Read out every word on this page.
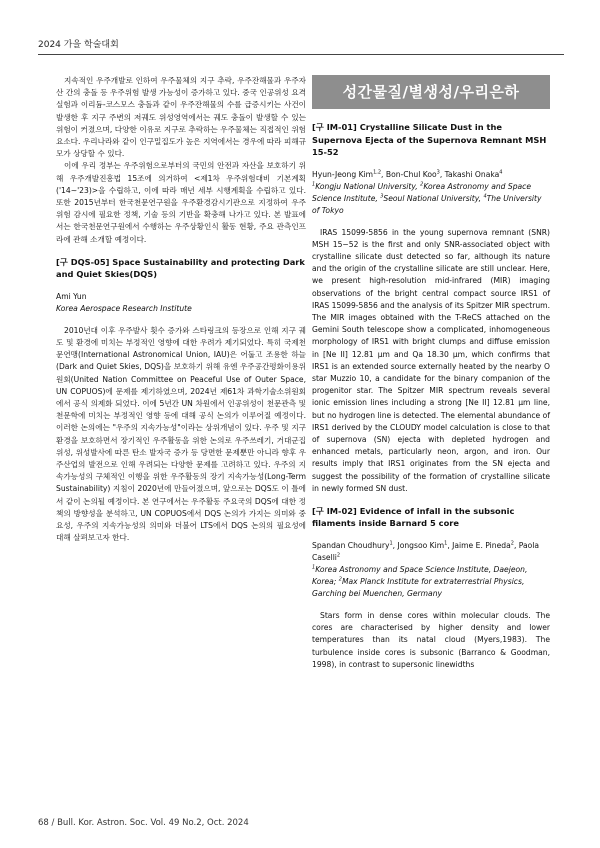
2024 가을 학술대회

지속적인 우주개발로 인하여 우주물체의 지구 추락, 우주잔해물과 우주자산 간의 충돌 등 우주위험 발생 가능성이 증가하고 있다. 중국 인공위성 요격실험과 이리듐-코스모스 충돌과 같이 우주잔해물의 수를 급증시키는 사건이 발생한 후 지구 주변의 저궤도 위성영역에서는 궤도 충돌이 발생할 수 있는 위험이 커졌으며, 다양한 이유로 지구로 추락하는 우주물체는 직접적인 위험요소다. 우리나라와 같이 인구밀집도가 높은 지역에서는 경우에 따라 피해규모가 상당할 수 있다.

이에 우리 정부는 우주위험으로부터의 국민의 안전과 자산을 보호하기 위해 우주개발진흥법 15조에 의거하여 <제1차 우주위험대비 기본계획('14~'23)>을 수립하고, 이에 따라 매년 세부 시행계획을 수립하고 있다. 또한 2015년부터 한국천문연구원을 우주환경감시기관으로 지정하여 우주위험 감시에 필요한 정책, 기술 등의 기반을 확충해 나가고 있다. 본 발표에서는 한국천문연구원에서 수행하는 우주상황인식 활동 현황, 주요 관측인프라에 관해 소개할 예정이다.

[구 DQS-05] Space Sustainability and protecting Dark and Quiet Skies(DQS)

Ami Yun

Korea Aerospace Research Institute

2010년대 이후 우주발사 횟수 증가와 스타링크의 등장으로 인해 지구 궤도 및 환경에 미치는 부정적인 영향에 대한 우려가 제기되었다. 특히 국제천문연맹(International Astronomical Union, IAU)은 어둡고 조용한 하늘(Dark and Quiet Skies, DQS)을 보호하기 위해 유엔 우주공간평화이용위원회(United Nation Committee on Peaceful Use of Outer Space, UN COPUOS)에 문제를 제기하였으며, 2024년 제61차 과학기술소위원회에서 공식 의제화 되었다. 이에 5년간 UN 차원에서 인공위성이 천문관측 및 천문학에 미치는 부정적인 영향 등에 대해 공식 논의가 이루어질 예정이다. 이러한 논의에는 "우주의 지속가능성"이라는 상위개념이 있다. 우주 및 지구환경을 보호하면서 장기적인 우주활동을 위한 논의로 우주쓰레기, 거대군집위성, 위성발사에 따른 탄소 발자국 증가 등 당면한 문제뿐만 아니라 향후 우주산업의 발전으로 인해 우려되는 다양한 문제를 고려하고 있다. 우주의 지속가능성의 구체적인 이행을 위한 우주활동의 장기 지속가능성(Long-Term Sustainability) 지침이 2020년에 만들어졌으며, 앞으로는 DQS도 이 틀에서 같이 논의될 예정이다. 본 연구에서는 우주활동 주요국의 DQS에 대한 정책의 방향성을 분석하고, UN COPUOS에서 DQS 논의가 가지는 의미와 중요성, 우주의 지속가능성의 의미와 더불어 LTS에서 DQS 논의의 필요성에 대해 살펴보고자 한다.

성간물질/별생성/우리은하

[구 IM-01] Crystalline Silicate Dust in the Supernova Ejecta of the Supernova Remnant MSH 15-52

Hyun-Jeong Kim$^{1,2}$, Bon-Chul Koo$^3$, Takashi Onaka$^4$

$^1$Kongju National University, $^2$Korea Astronomy and Space Science Institute, $^3$Seoul National University, $^4$The University of Tokyo

IRAS 15099-5856 in the young supernova remnant (SNR) MSH 15−52 is the first and only SNR-associated object with crystalline silicate dust detected so far, although its nature and the origin of the crystalline silicate are still unclear. Here, we present high-resolution mid-infrared (MIR) imaging observations of the bright central compact source IRS1 of IRAS 15099-5856 and the analysis of its Spitzer MIR spectrum. The MIR images obtained with the T-ReCS attached on the Gemini South telescope show a complicated, inhomogeneous morphology of IRS1 with bright clumps and diffuse emission in [Ne II] 12.81 μm and Qa 18.30 μm, which confirms that IRS1 is an extended source externally heated by the nearby O star Muzzio 10, a candidate for the binary companion of the progenitor star. The Spitzer MIR spectrum reveals several ionic emission lines including a strong [Ne II] 12.81 μm line, but no hydrogen line is detected. The elemental abundance of IRS1 derived by the CLOUDY model calculation is close to that of supernova (SN) ejecta with depleted hydrogen and enhanced metals, particularly neon, argon, and iron. Our results imply that IRS1 originates from the SN ejecta and suggest the possibility of the formation of crystalline silicate in newly formed SN dust.

[구 IM-02] Evidence of infall in the subsonic filaments inside Barnard 5 core

Spandan Choudhury$^1$, Jongsoo Kim$^1$, Jaime E. Pineda$^2$, Paola Caselli$^2$

$^1$Korea Astronomy and Space Science Institute, Daejeon, Korea; $^2$Max Planck Institute for extraterrestrial Physics, Garching bei Muenchen, Germany

Stars form in dense cores within molecular clouds. The cores are characterised by higher density and lower temperatures than its natal cloud (Myers,1983). The turbulence inside cores is subsonic (Barranco & Goodman, 1998), in contrast to supersonic linewidths

68 / Bull. Kor. Astron. Soc. Vol. 49 No.2, Oct. 2024
